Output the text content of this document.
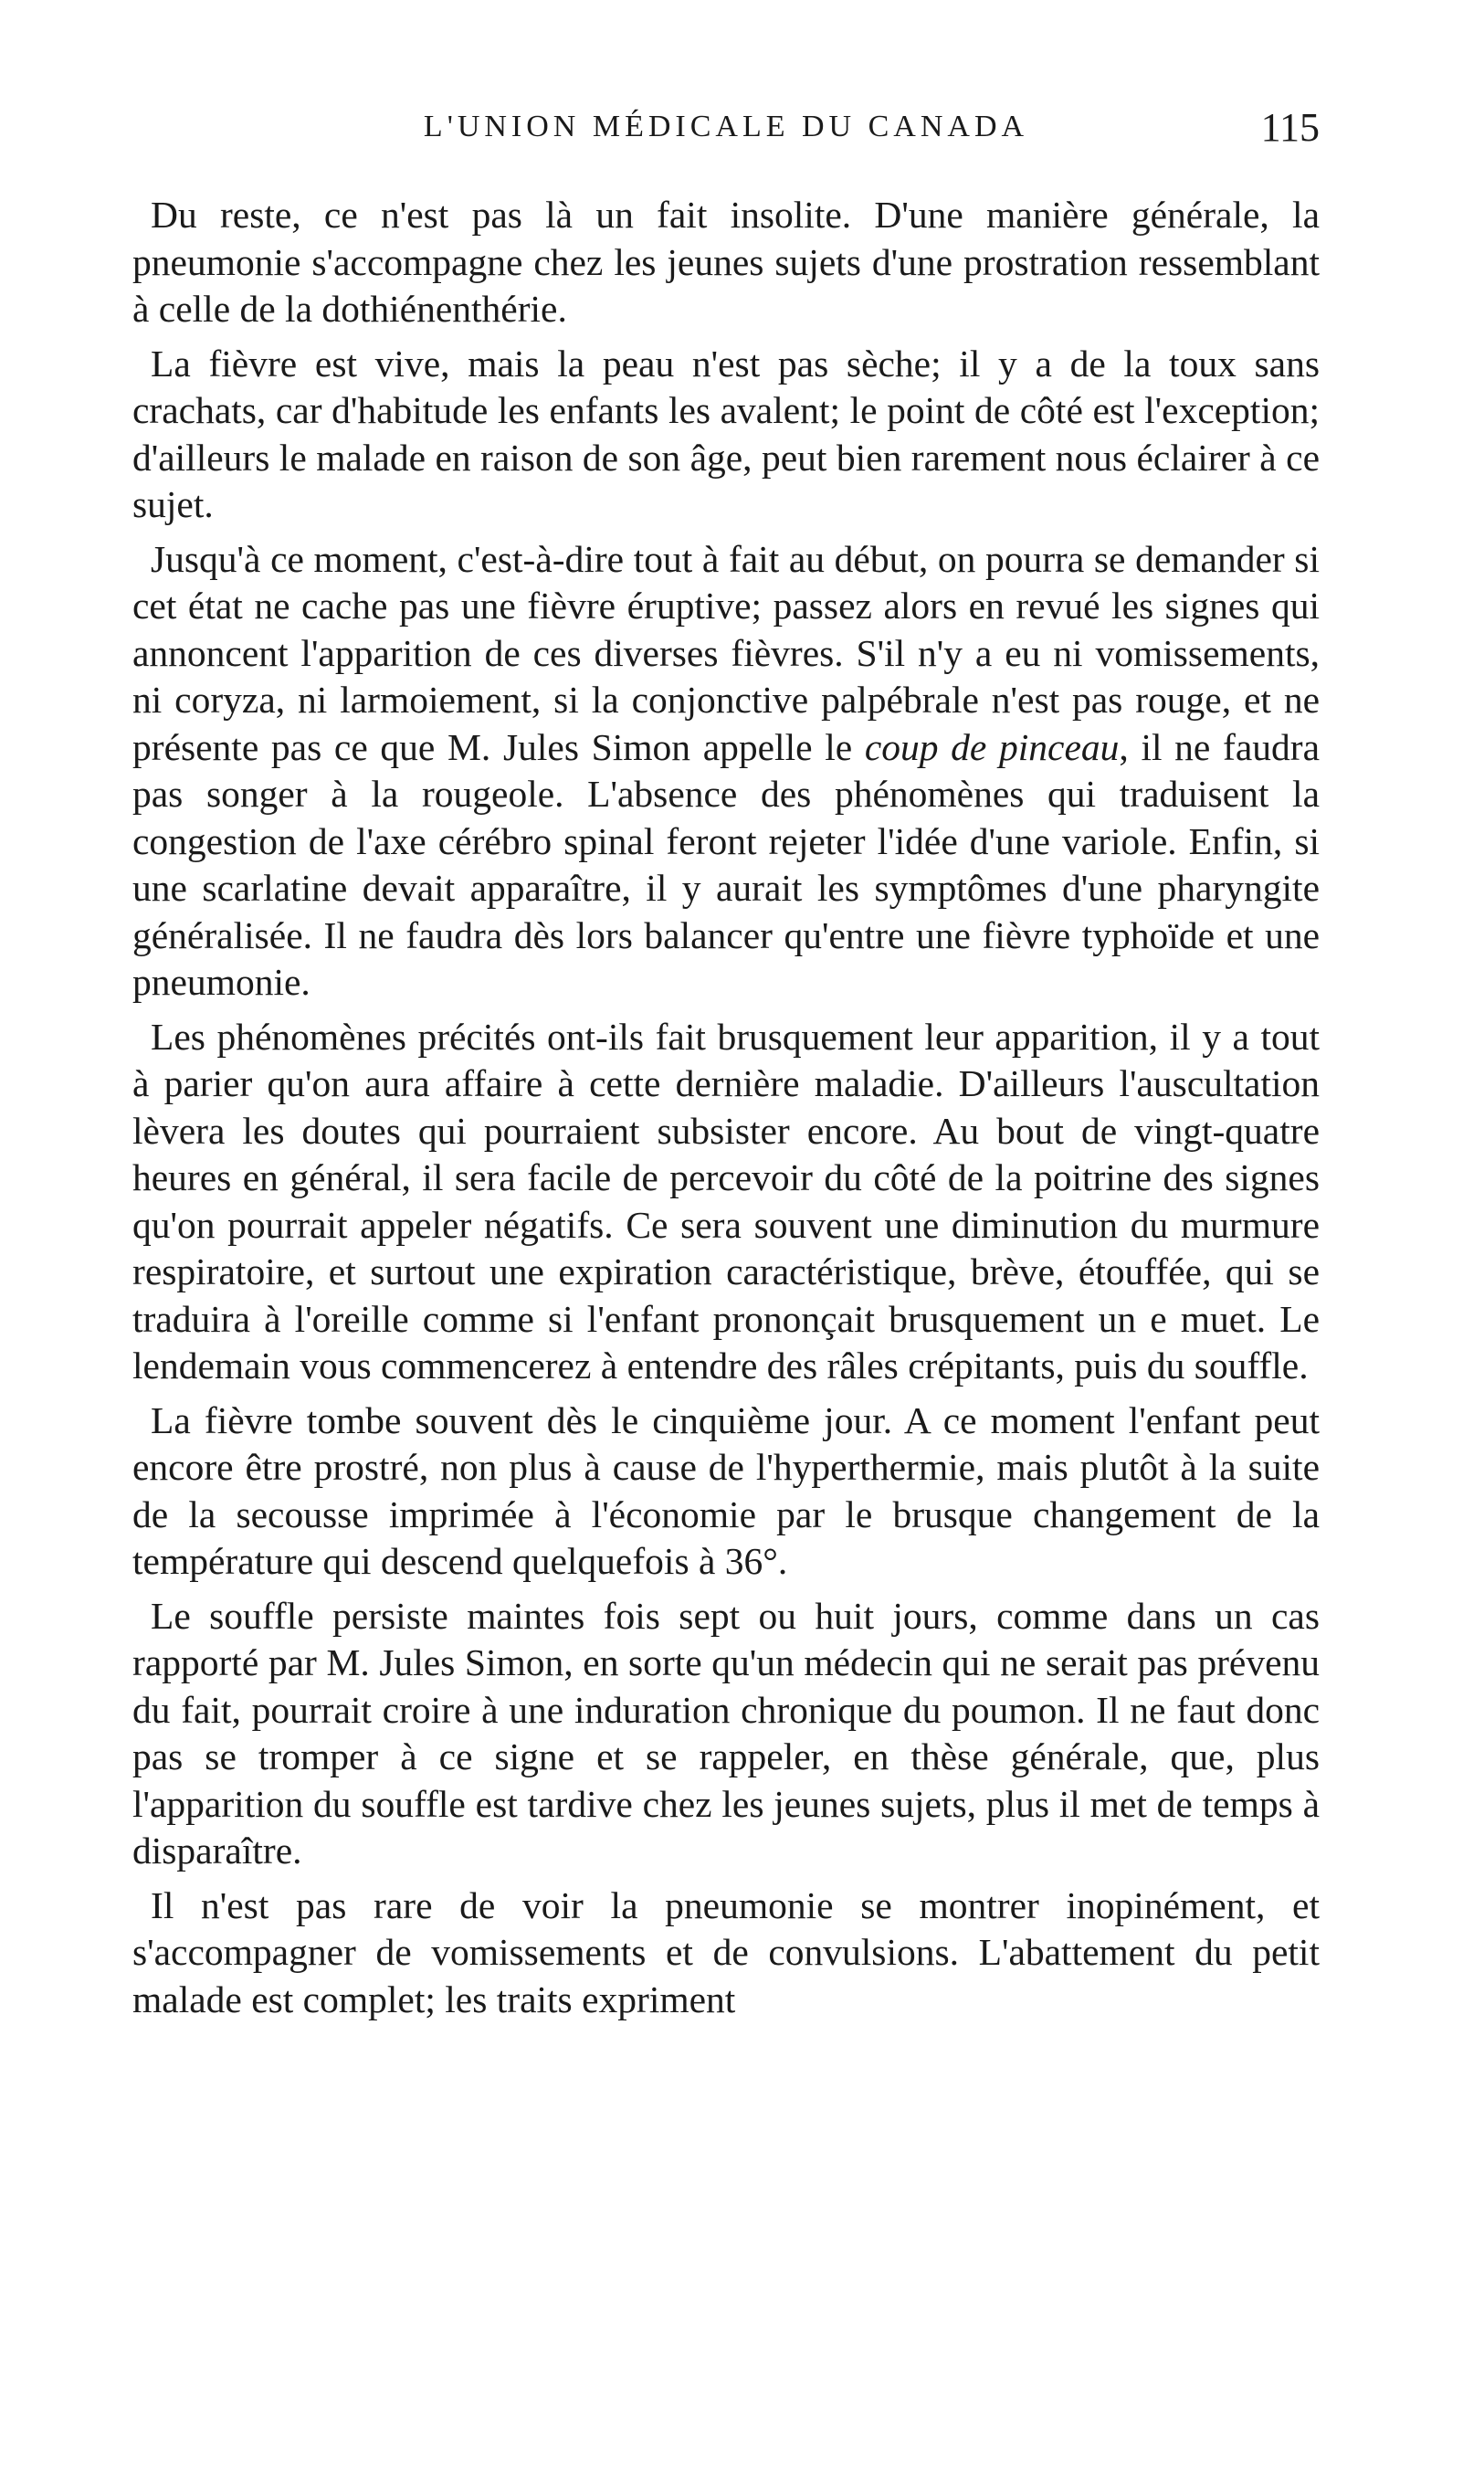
L'UNION MÉDICALE DU CANADA	115

Du reste, ce n'est pas là un fait insolite. D'une manière générale, la pneumonie s'accompagne chez les jeunes sujets d'une prostration ressemblant à celle de la dothiénenthérie.

La fièvre est vive, mais la peau n'est pas sèche; il y a de la toux sans crachats, car d'habitude les enfants les avalent; le point de côté est l'exception; d'ailleurs le malade en raison de son âge, peut bien rarement nous éclairer à ce sujet.

Jusqu'à ce moment, c'est-à-dire tout à fait au début, on pourra se demander si cet état ne cache pas une fièvre éruptive; passez alors en revué les signes qui annoncent l'apparition de ces diverses fièvres. S'il n'y a eu ni vomissements, ni coryza, ni larmoiement, si la conjonctive palpébrale n'est pas rouge, et ne présente pas ce que M. Jules Simon appelle le coup de pinceau, il ne faudra pas songer à la rougeole. L'absence des phénomènes qui traduisent la congestion de l'axe cérébro spinal feront rejeter l'idée d'une variole. Enfin, si une scarlatine devait apparaître, il y aurait les symptômes d'une pharyngite généralisée. Il ne faudra dès lors balancer qu'entre une fièvre typhoïde et une pneumonie.

Les phénomènes précités ont-ils fait brusquement leur apparition, il y a tout à parier qu'on aura affaire à cette dernière maladie. D'ailleurs l'auscultation lèvera les doutes qui pourraient subsister encore. Au bout de vingt-quatre heures en général, il sera facile de percevoir du côté de la poitrine des signes qu'on pourrait appeler négatifs. Ce sera souvent une diminution du murmure respiratoire, et surtout une expiration caractéristique, brève, étouffée, qui se traduira à l'oreille comme si l'enfant prononçait brusquement un e muet. Le lendemain vous commencerez à entendre des râles crépitants, puis du souffle.

La fièvre tombe souvent dès le cinquième jour. A ce moment l'enfant peut encore être prostré, non plus à cause de l'hyperthermie, mais plutôt à la suite de la secousse imprimée à l'économie par le brusque changement de la température qui descend quelquefois à 36°.

Le souffle persiste maintes fois sept ou huit jours, comme dans un cas rapporté par M. Jules Simon, en sorte qu'un médecin qui ne serait pas prévenu du fait, pourrait croire à une induration chronique du poumon. Il ne faut donc pas se tromper à ce signe et se rappeler, en thèse générale, que, plus l'apparition du souffle est tardive chez les jeunes sujets, plus il met de temps à disparaître.

Il n'est pas rare de voir la pneumonie se montrer inopinément, et s'accompagner de vomissements et de convulsions. L'abattement du petit malade est complet; les traits expriment
